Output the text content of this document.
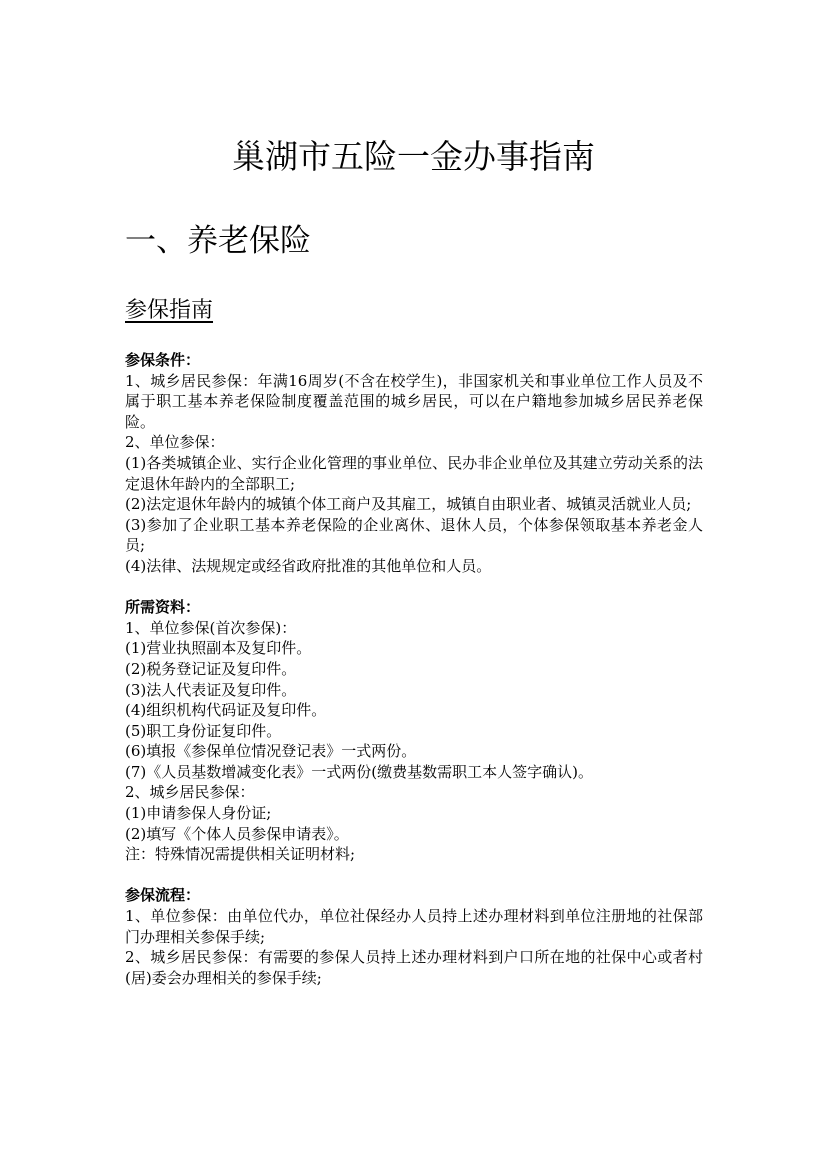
巢湖市五险一金办事指南
一、养老保险
参保指南
参保条件：
1、城乡居民参保：年满16周岁(不含在校学生)，非国家机关和事业单位工作人员及不属于职工基本养老保险制度覆盖范围的城乡居民，可以在户籍地参加城乡居民养老保险。
2、单位参保：
(1)各类城镇企业、实行企业化管理的事业单位、民办非企业单位及其建立劳动关系的法定退休年龄内的全部职工;
(2)法定退休年龄内的城镇个体工商户及其雇工，城镇自由职业者、城镇灵活就业人员;
(3)参加了企业职工基本养老保险的企业离休、退休人员，个体参保领取基本养老金人员;
(4)法律、法规规定或经省政府批准的其他单位和人员。
所需资料：
1、单位参保(首次参保)：
(1)营业执照副本及复印件。
(2)税务登记证及复印件。
(3)法人代表证及复印件。
(4)组织机构代码证及复印件。
(5)职工身份证复印件。
(6)填报《参保单位情况登记表》一式两份。
(7)《人员基数增减变化表》一式两份(缴费基数需职工本人签字确认)。
2、城乡居民参保：
(1)申请参保人身份证;
(2)填写《个体人员参保申请表》。
注：特殊情况需提供相关证明材料;
参保流程：
1、单位参保：由单位代办，单位社保经办人员持上述办理材料到单位注册地的社保部门办理相关参保手续;
2、城乡居民参保：有需要的参保人员持上述办理材料到户口所在地的社保中心或者村(居)委会办理相关的参保手续;
